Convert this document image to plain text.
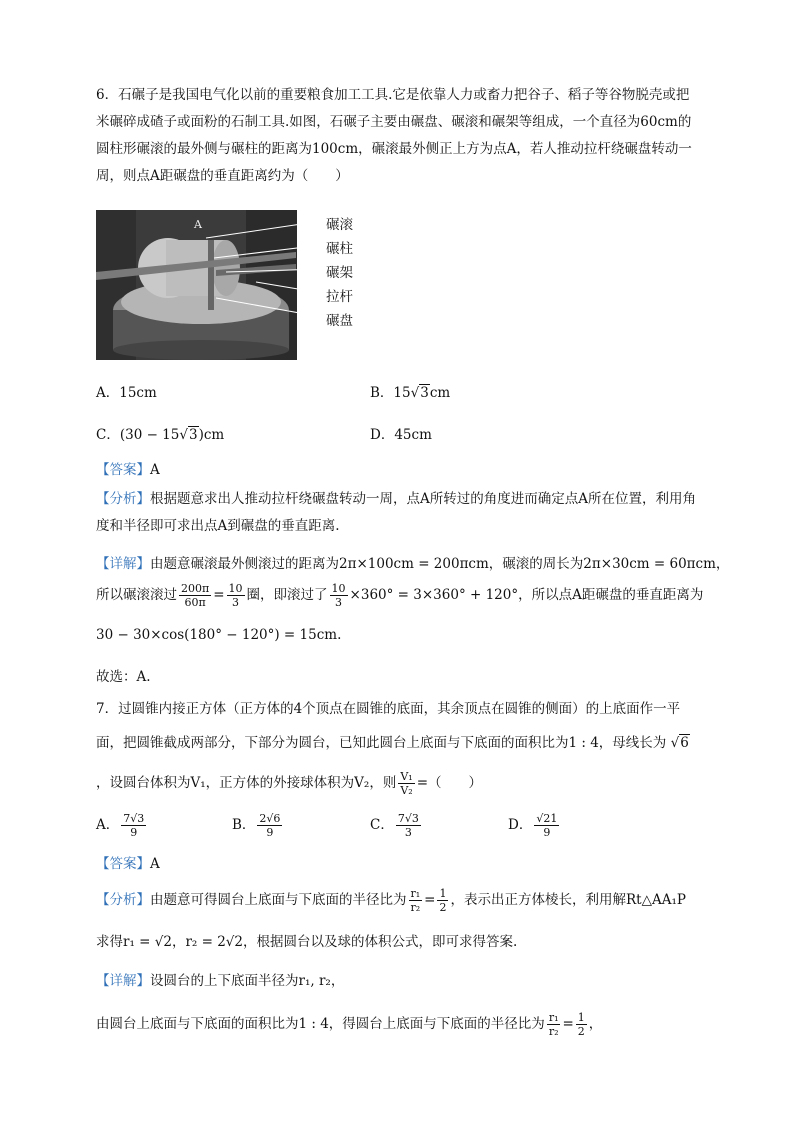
6．石碾子是我国电气化以前的重要粮食加工工具.它是依靠人力或畜力把谷子、稻子等谷物脱壳或把米碾碎成碴子或面粉的石制工具.如图，石碾子主要由碾盘、碾滚和碾架等组成，一个直径为60cm的圆柱形碾滚的最外侧与碾柱的距离为100cm，碾滚最外侧正上方为点A，若人推动拉杆绕碾盘转动一周，则点A距碾盘的垂直距离约为（　　）
A	碾滚
碾柱
碾架
拉杆
碾盘
A．15cm	B．15√3cm
C．(30 − 15√3)cm	D．45cm
【答案】A
【分析】根据题意求出人推动拉杆绕碾盘转动一周，点A所转过的角度进而确定点A所在位置，利用角度和半径即可求出点A到碾盘的垂直距离.
【详解】由题意碾滚最外侧滚过的距离为2π×100cm = 200πcm，碾滚的周长为2π×30cm = 60πcm，
所以碾滚滚过 $\frac{200\pi}{60\pi} = \frac{10}{3}$ 圈，即滚过了 $\frac{10}{3} \times 360^\circ = 3\times 360^\circ + 120^\circ$，所以点A距碾盘的垂直距离为
30 − 30×cos(180° − 120°) = 15cm.
故选：A.
7．过圆锥内接正方体（正方体的4个顶点在圆锥的底面，其余顶点在圆锥的侧面）的上底面作一平
面，把圆锥截成两部分，下部分为圆台，已知此圆台上底面与下底面的面积比为1 : 4，母线长为 √6
，设圆台体积为V₁，正方体的外接球体积为V₂，则 $\frac{\text{V₁}}{\text{V₂}}$ =（　　）
A． $\frac{7√3}{9}$	B． $\frac{2√6}{9}$	C． $\frac{7√3}{3}$	D． $\frac{√21}{9}$
【答案】A
【分析】由题意可得圆台上底面与下底面的半径比为 $\frac{\text{r₁}}{\text{r₂}} = \frac{1}{2}$ ，表示出正方体棱长，利用解Rt△AA₁P
求得r₁ = √2，r₂ = 2√2，根据圆台以及球的体积公式，即可求得答案.
【详解】设圆台的上下底面半径为r₁, r₂，
由圆台上底面与下底面的面积比为1 : 4，得圆台上底面与下底面的半径比为 $\frac{\text{r₁}}{\text{r₂}} = \frac{1}{2}$ ，
